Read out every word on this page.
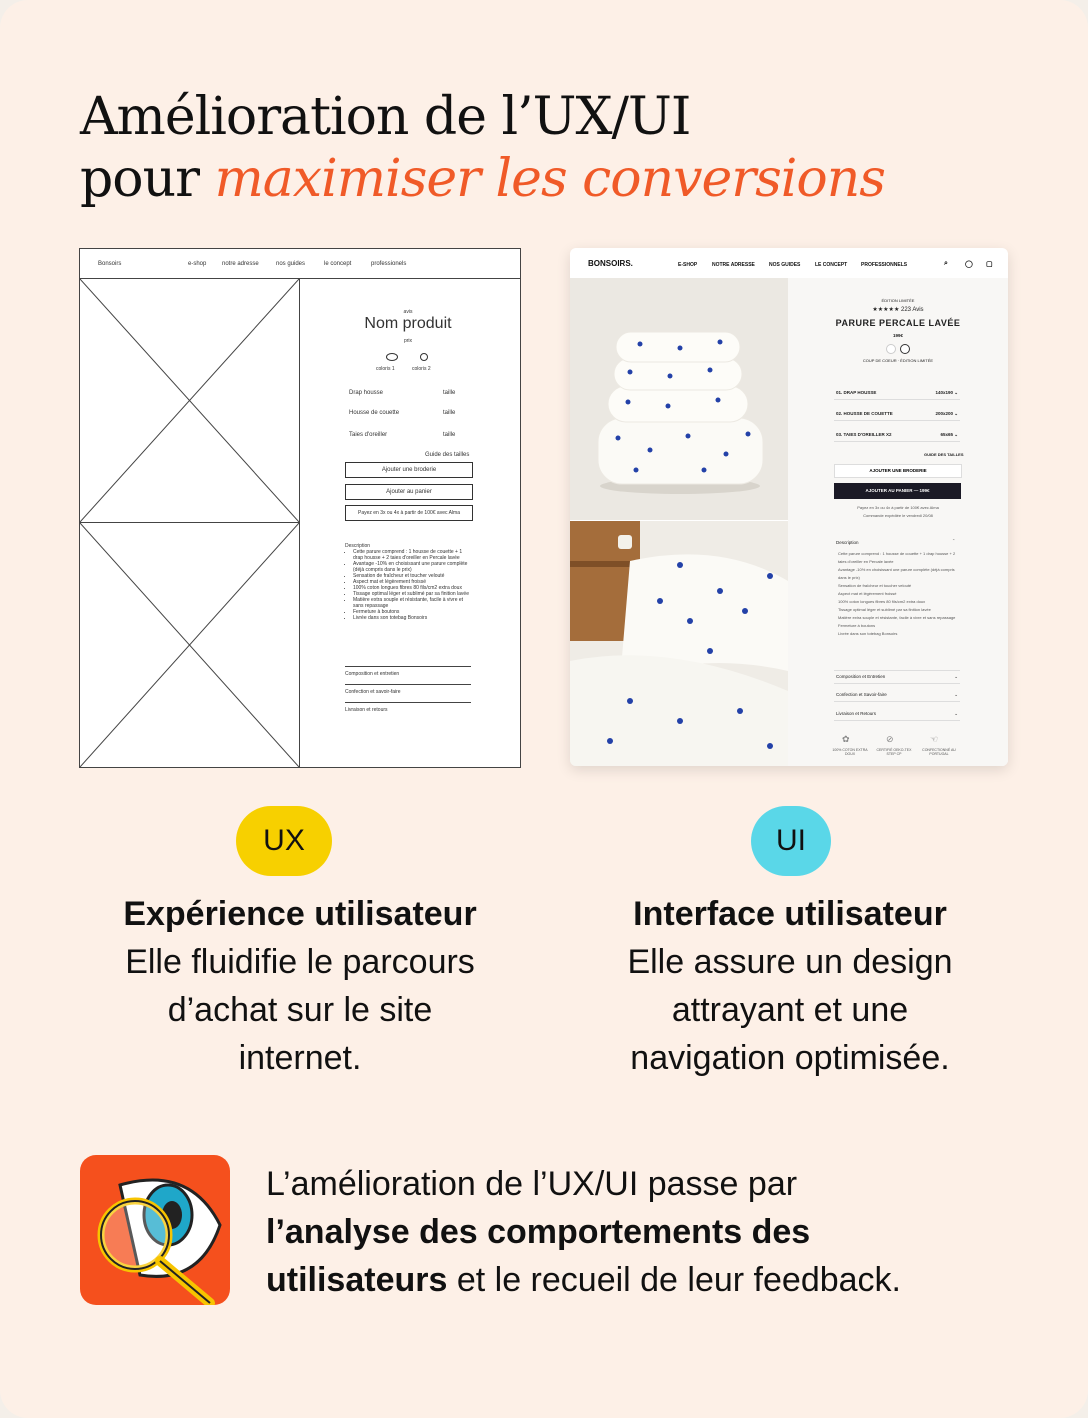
Amélioration de l’UX/UI
pour maximiser les conversions
Bonsoirs	e-shop	notre adresse	nos guides	le concept	professionels
avis
Nom produit
prix
coloris 1	coloris 2
Drap housse	taille
Housse de couette	taille
Taies d'oreiller	taille
Guide des tailles
Ajouter une broderie
Ajouter au panier
Payez en 3x ou 4x à partir de 100€ avec Alma
Description
• Cette parure comprend : 1 housse de couette + 1 drap housse + 2 taies d'oreiller en Percale lavée
• Avantage -10% en choisissant une parure complète (déjà compris dans le prix)
• Sensation de fraîcheur et toucher velouté
• Aspect mat et légèrement froissé
• 100% coton longues fibres 80 fils/cm2 extra doux
• Tissage optimal léger et sublimé par sa finition lavée
• Matière extra souple et résistante, facile à vivre et sans repassage
• Fermeture à boutons
• Livrée dans son totebag Bonsoirs
Composition et entretien
Confection et savoir-faire
Livraison et retours
BONSOIRS.	E-SHOP	NOTRE ADRESSE	NOS GUIDES	LE CONCEPT	PROFESSIONNELS	⌕ ◯ ▢
ÉDITION LIMITÉE
★★★★★ 223 Avis
PARURE PERCALE LAVÉE
199€
COUP DE COEUR · ÉDITION LIMITÉE
01. DRAP HOUSSE	140x190 ⌄
02. HOUSSE DE COUETTE	200x200 ⌄
03. TAIES D'OREILLER X2	65x65 ⌄
GUIDE DES TAILLES
AJOUTER UNE BRODERIE
AJOUTER AU PANIER — 199€
Payez en 3x ou 4x à partir de 100€ avec Alma
Commande expédiée le vendredi 20/08
Description	⌃
Cette parure comprend : 1 housse de couette + 1 drap housse + 2 taies d'oreiller en Percale lavée
Avantage -10% en choisissant une parure complète (déjà compris dans le prix)
Sensation de fraîcheur et toucher velouté
Aspect mat et légèrement froissé
100% coton longues fibres 80 fils/cm2 extra doux
Tissage optimal léger et sublimé par sa finition lavée
Matière extra souple et résistante, facile à vivre et sans repassage
Fermeture à boutons
Livrée dans son totebag Bonsoirs
Composition et Entretien	⌄
Confection et Savoir-faire	⌄
Livraison et Retours	⌄
✿	⊘	☜
100% COTON EXTRA DOUX
CERTIFIÉ OEKO-TEX STEP CP
CONFECTIONNÉ AU PORTUGAL
UX	UI
Expérience utilisateur
Elle fluidifie le parcours
d’achat sur le site
internet.
Interface utilisateur
Elle assure un design
attrayant et une
navigation optimisée.
L’amélioration de l’UX/UI passe par
l’analyse des comportements des
utilisateurs et le recueil de leur feedback.
